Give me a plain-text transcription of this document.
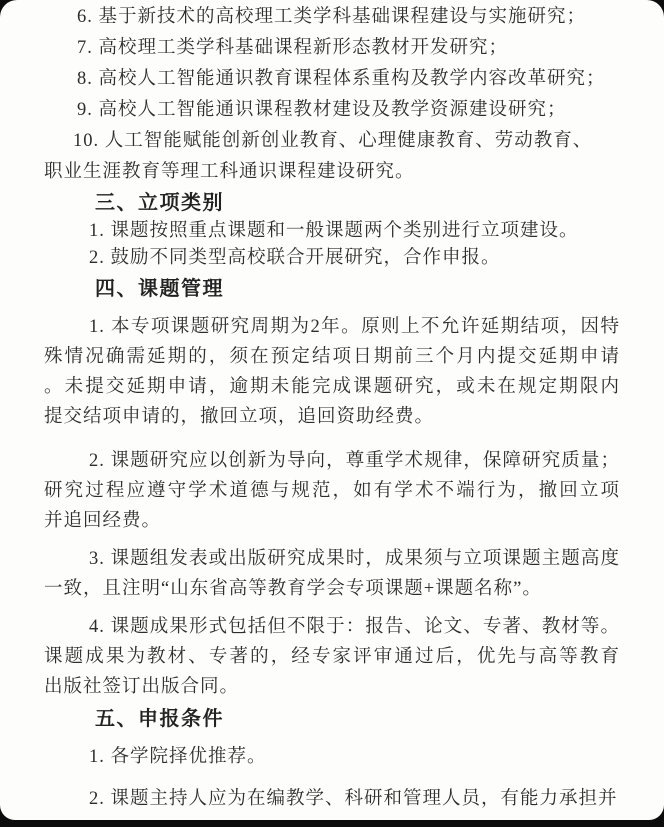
6. 基于新技术的高校理工类学科基础课程建设与实施研究；
7. 高校理工类学科基础课程新形态教材开发研究；
8. 高校人工智能通识教育课程体系重构及教学内容改革研究；
9. 高校人工智能通识课程教材建设及教学资源建设研究；
10. 人工智能赋能创新创业教育、心理健康教育、劳动教育、
职业生涯教育等理工科通识课程建设研究。
三、立项类别
1. 课题按照重点课题和一般课题两个类别进行立项建设。
2. 鼓励不同类型高校联合开展研究，合作申报。
四、课题管理
1. 本专项课题研究周期为2年。原则上不允许延期结项，因特
殊情况确需延期的，须在预定结项日期前三个月内提交延期申请
。未提交延期申请，逾期未能完成课题研究，或未在规定期限内
提交结项申请的，撤回立项，追回资助经费。
2. 课题研究应以创新为导向，尊重学术规律，保障研究质量；
研究过程应遵守学术道德与规范，如有学术不端行为，撤回立项
并追回经费。
3. 课题组发表或出版研究成果时，成果须与立项课题主题高度
一致，且注明“山东省高等教育学会专项课题+课题名称”。
4. 课题成果形式包括但不限于：报告、论文、专著、教材等。
课题成果为教材、专著的，经专家评审通过后，优先与高等教育
出版社签订出版合同。
五、申报条件
1. 各学院择优推荐。
2. 课题主持人应为在编教学、科研和管理人员，有能力承担并
